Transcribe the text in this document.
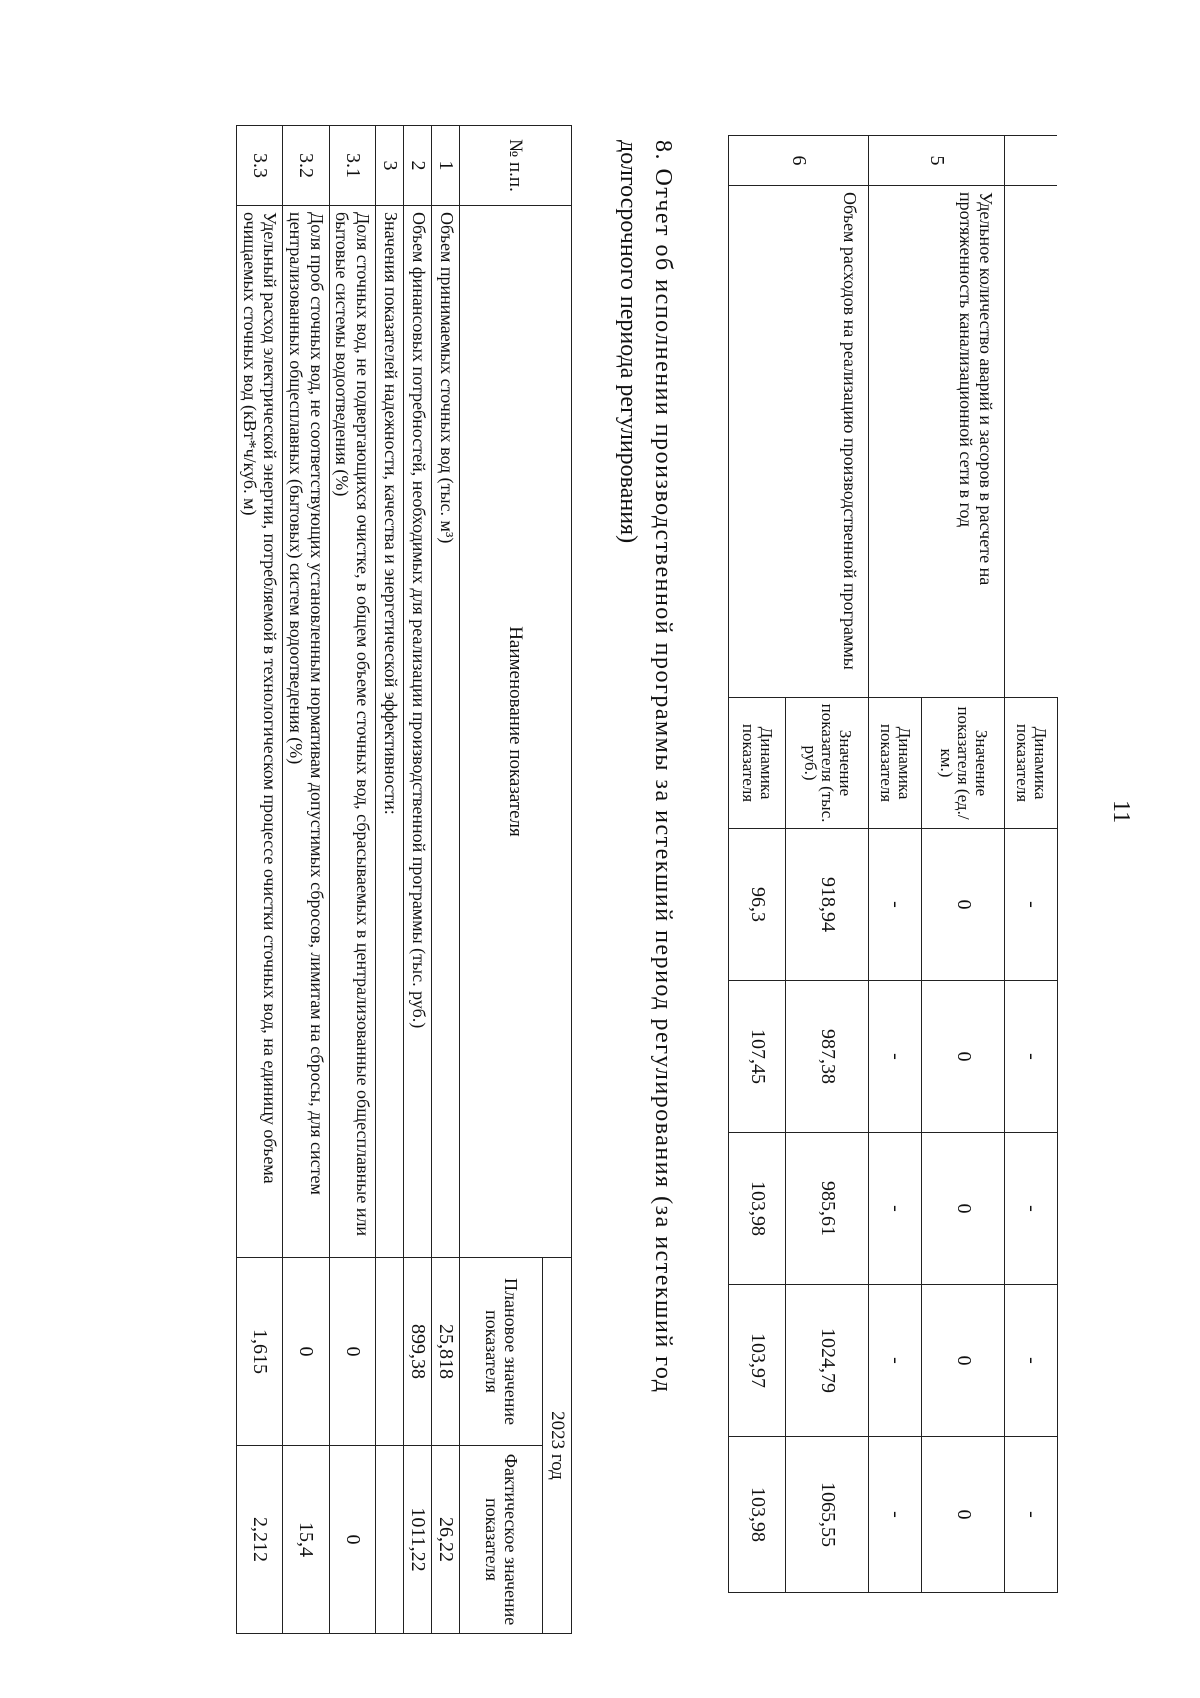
11
		Динамика показателя	-	-	-	-	-
5	Удельное количество аварий и засоров в расчете на протяженность канализационной сети в год	Значение показателя (ед./км.)	0	0	0	0	0
		Динамика показателя	-	-	-	-	-
6	Объем расходов на реализацию производственной программы	Значение показателя (тыс. руб.)	918,94	987,38	985,61	1024,79	1065,55
		Динамика показателя	96,3	107,45	103,98	103,97	103,98
8. Отчет об исполнении производственной программы за истекший период регулирования (за истекший год
долгосрочного периода регулирования)
№ п.п.	Наименование показателя	2023 год	
		Плановое значение показателя	Фактическое значение показателя
1	Объем принимаемых сточных вод (тыс. м³)	25,818	26,22
2	Объем финансовых потребностей, необходимых для реализации производственной программы (тыс. руб.)	899,38	1011,22
3	Значения показателей надежности, качества и энергетической эффективности:		
3.1	Доля сточных вод, не подвергающихся очистке, в общем объеме сточных вод, сбрасываемых в централизованные общесплавные или бытовые системы водоотведения (%)	0	0
3.2	Доля проб сточных вод, не соответствующих установленным нормативам допустимых сбросов, лимитам на сбросы, для систем централизованных общесплавных (бытовых) систем водоотведения (%)	0	15,4
3.3	Удельный расход электрической энергии, потребляемой в технологическом процессе очистки сточных вод, на единицу объема очищаемых сточных вод (кВт*ч/куб. м)	1,615	2,212
